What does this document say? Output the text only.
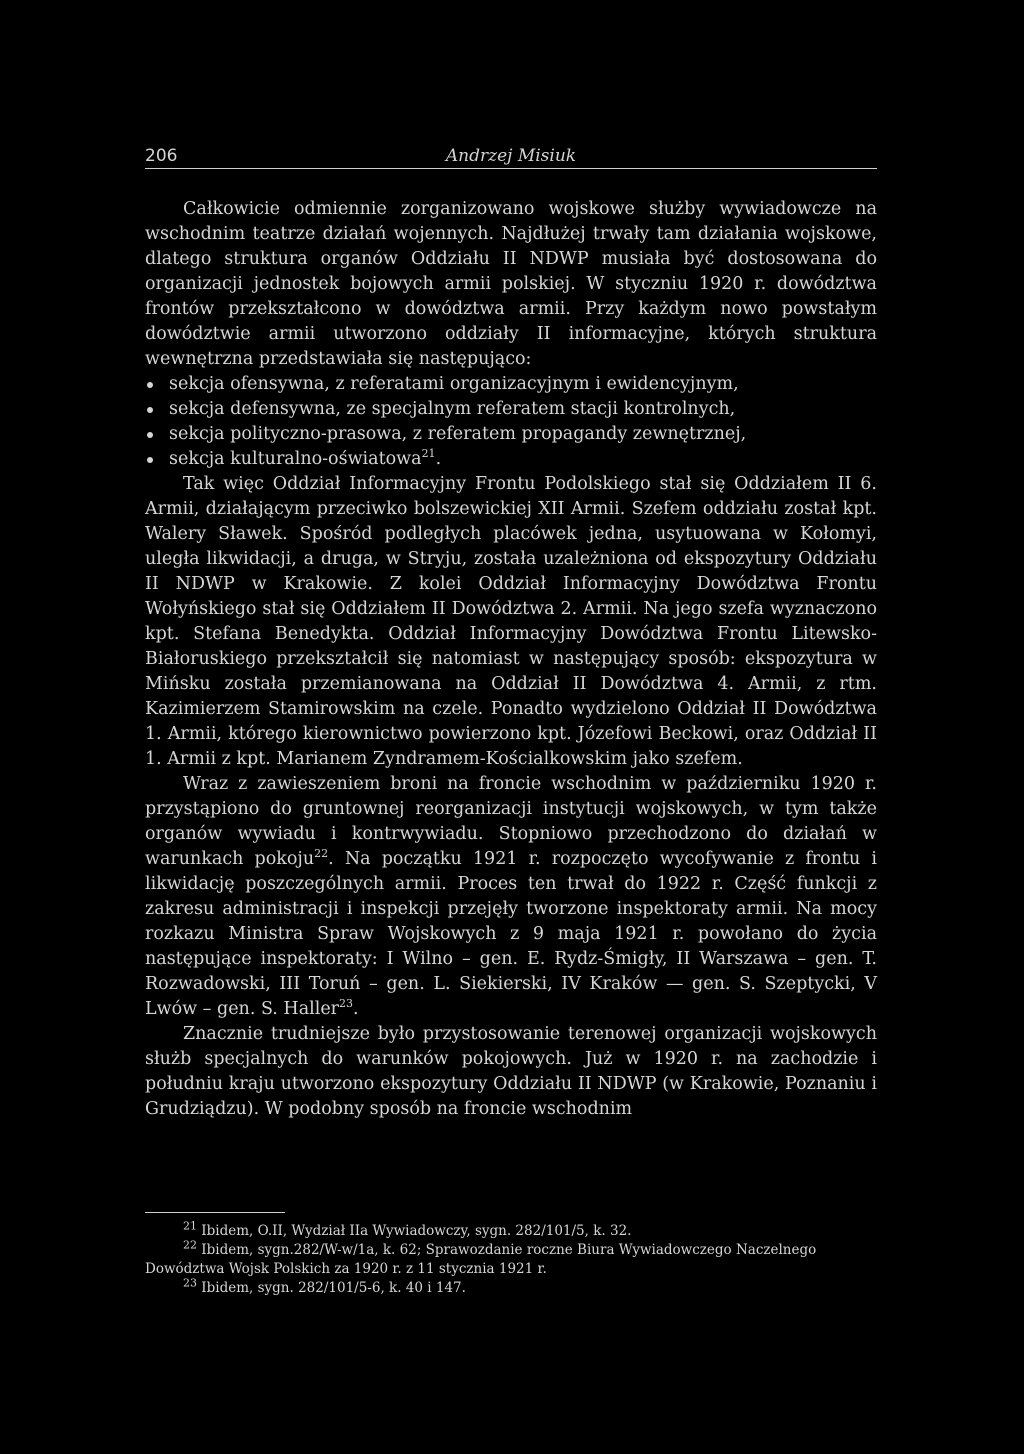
206	Andrzej Misiuk

Całkowicie odmiennie zorganizowano wojskowe służby wywiadowcze na wschodnim teatrze działań wojennych. Najdłużej trwały tam działania wojskowe, dlatego struktura organów Oddziału II NDWP musiała być dostosowana do organizacji jednostek bojowych armii polskiej. W styczniu 1920 r. dowództwa frontów przekształcono w dowództwa armii. Przy każdym nowo powstałym dowództwie armii utworzono oddziały II informacyjne, których struktura wewnętrzna przedstawiała się następująco:

sekcja ofensywna, z referatami organizacyjnym i ewidencyjnym,
sekcja defensywna, ze specjalnym referatem stacji kontrolnych,
sekcja polityczno-prasowa, z referatem propagandy zewnętrznej,
sekcja kulturalno-oświatowa$^{21}$.

Tak więc Oddział Informacyjny Frontu Podolskiego stał się Oddziałem II 6. Armii, działającym przeciwko bolszewickiej XII Armii. Szefem oddziału został kpt. Walery Sławek. Spośród podległych placówek jedna, usytuowana w Kołomyi, uległa likwidacji, a druga, w Stryju, została uzależniona od ekspozytury Oddziału II NDWP w Krakowie. Z kolei Oddział Informacyjny Dowództwa Frontu Wołyńskiego stał się Oddziałem II Dowództwa 2. Armii. Na jego szefa wyznaczono kpt. Stefana Benedykta. Oddział Informacyjny Dowództwa Frontu Litewsko-Białoruskiego przekształcił się natomiast w następujący sposób: ekspozytura w Mińsku została przemianowana na Oddział II Dowództwa 4. Armii, z rtm. Kazimierzem Stamirowskim na czele. Ponadto wydzielono Oddział II Dowództwa 1. Armii, którego kierownictwo powierzono kpt. Józefowi Beckowi, oraz Oddział II 1. Armii z kpt. Marianem Zyndramem-Kościalkowskim jako szefem.

Wraz z zawieszeniem broni na froncie wschodnim w październiku 1920 r. przystąpiono do gruntownej reorganizacji instytucji wojskowych, w tym także organów wywiadu i kontrwywiadu. Stopniowo przechodzono do działań w warunkach pokoju$^{22}$. Na początku 1921 r. rozpoczęto wycofywanie z frontu i likwidację poszczególnych armii. Proces ten trwał do 1922 r. Część funkcji z zakresu administracji i inspekcji przejęły tworzone inspektoraty armii. Na mocy rozkazu Ministra Spraw Wojskowych z 9 maja 1921 r. powołano do życia następujące inspektoraty: I Wilno – gen. E. Rydz-Śmigły, II Warszawa – gen. T. Rozwadowski, III Toruń – gen. L. Siekierski, IV Kraków — gen. S. Szeptycki, V Lwów – gen. S. Haller$^{23}$.

Znacznie trudniejsze było przystosowanie terenowej organizacji wojskowych służb specjalnych do warunków pokojowych. Już w 1920 r. na zachodzie i południu kraju utworzono ekspozytury Oddziału II NDWP (w Krakowie, Poznaniu i Grudziądzu). W podobny sposób na froncie wschodnim

$^{21}$ Ibidem, O.II, Wydział IIa Wywiadowczy, sygn. 282/101/5, k. 32.

$^{22}$ Ibidem, sygn.282/W-w/1a, k. 62; Sprawozdanie roczne Biura Wywiadowczego Naczelnego Dowództwa Wojsk Polskich za 1920 r. z 11 stycznia 1921 r.

$^{23}$ Ibidem, sygn. 282/101/5-6, k. 40 i 147.
